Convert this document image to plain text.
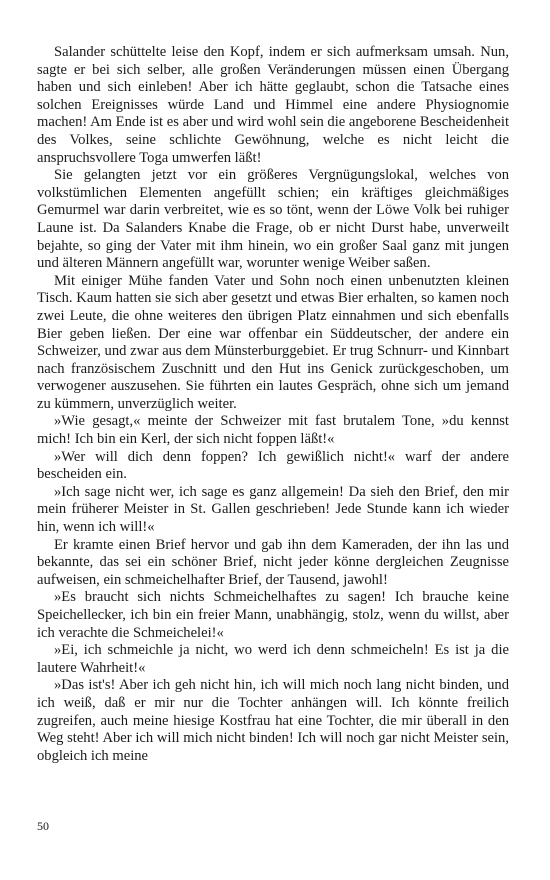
Salander schüttelte leise den Kopf, indem er sich aufmerksam umsah. Nun, sagte er bei sich selber, alle großen Veränderungen müssen einen Übergang haben und sich einleben! Aber ich hätte geglaubt, schon die Tatsache eines solchen Ereignisses würde Land und Himmel eine andere Physiognomie machen! Am Ende ist es aber und wird wohl sein die angeborene Bescheidenheit des Volkes, seine schlichte Gewöhnung, welche es nicht leicht die anspruchsvollere Toga umwerfen läßt!

Sie gelangten jetzt vor ein größeres Vergnügungslokal, welches von volkstümlichen Elementen angefüllt schien; ein kräftiges gleichmäßiges Gemurmel war darin verbreitet, wie es so tönt, wenn der Löwe Volk bei ruhiger Laune ist. Da Salanders Knabe die Frage, ob er nicht Durst habe, unverweilt bejahte, so ging der Vater mit ihm hinein, wo ein großer Saal ganz mit jungen und älteren Männern angefüllt war, worunter wenige Weiber saßen.

Mit einiger Mühe fanden Vater und Sohn noch einen unbenutzten kleinen Tisch. Kaum hatten sie sich aber gesetzt und etwas Bier erhalten, so kamen noch zwei Leute, die ohne weiteres den übrigen Platz einnahmen und sich ebenfalls Bier geben ließen. Der eine war offenbar ein Süddeutscher, der andere ein Schweizer, und zwar aus dem Münsterburggebiet. Er trug Schnurr- und Kinnbart nach französischem Zuschnitt und den Hut ins Genick zurückgeschoben, um verwogener auszusehen. Sie führten ein lautes Gespräch, ohne sich um jemand zu kümmern, unverzüglich weiter.

»Wie gesagt,« meinte der Schweizer mit fast brutalem Tone, »du kennst mich! Ich bin ein Kerl, der sich nicht foppen läßt!«

»Wer will dich denn foppen? Ich gewißlich nicht!« warf der andere bescheiden ein.

»Ich sage nicht wer, ich sage es ganz allgemein! Da sieh den Brief, den mir mein früherer Meister in St. Gallen geschrieben! Jede Stunde kann ich wieder hin, wenn ich will!«

Er kramte einen Brief hervor und gab ihn dem Kameraden, der ihn las und bekannte, das sei ein schöner Brief, nicht jeder könne dergleichen Zeugnisse aufweisen, ein schmeichelhafter Brief, der Tausend, jawohl!

»Es braucht sich nichts Schmeichelhaftes zu sagen! Ich brauche keine Speichellecker, ich bin ein freier Mann, unabhängig, stolz, wenn du willst, aber ich verachte die Schmeichelei!«

»Ei, ich schmeichle ja nicht, wo werd ich denn schmeicheln! Es ist ja die lautere Wahrheit!«

»Das ist's! Aber ich geh nicht hin, ich will mich noch lang nicht binden, und ich weiß, daß er mir nur die Tochter anhängen will. Ich könnte freilich zugreifen, auch meine hiesige Kostfrau hat eine Tochter, die mir überall in den Weg steht! Aber ich will mich nicht binden! Ich will noch gar nicht Meister sein, obgleich ich meine

50
